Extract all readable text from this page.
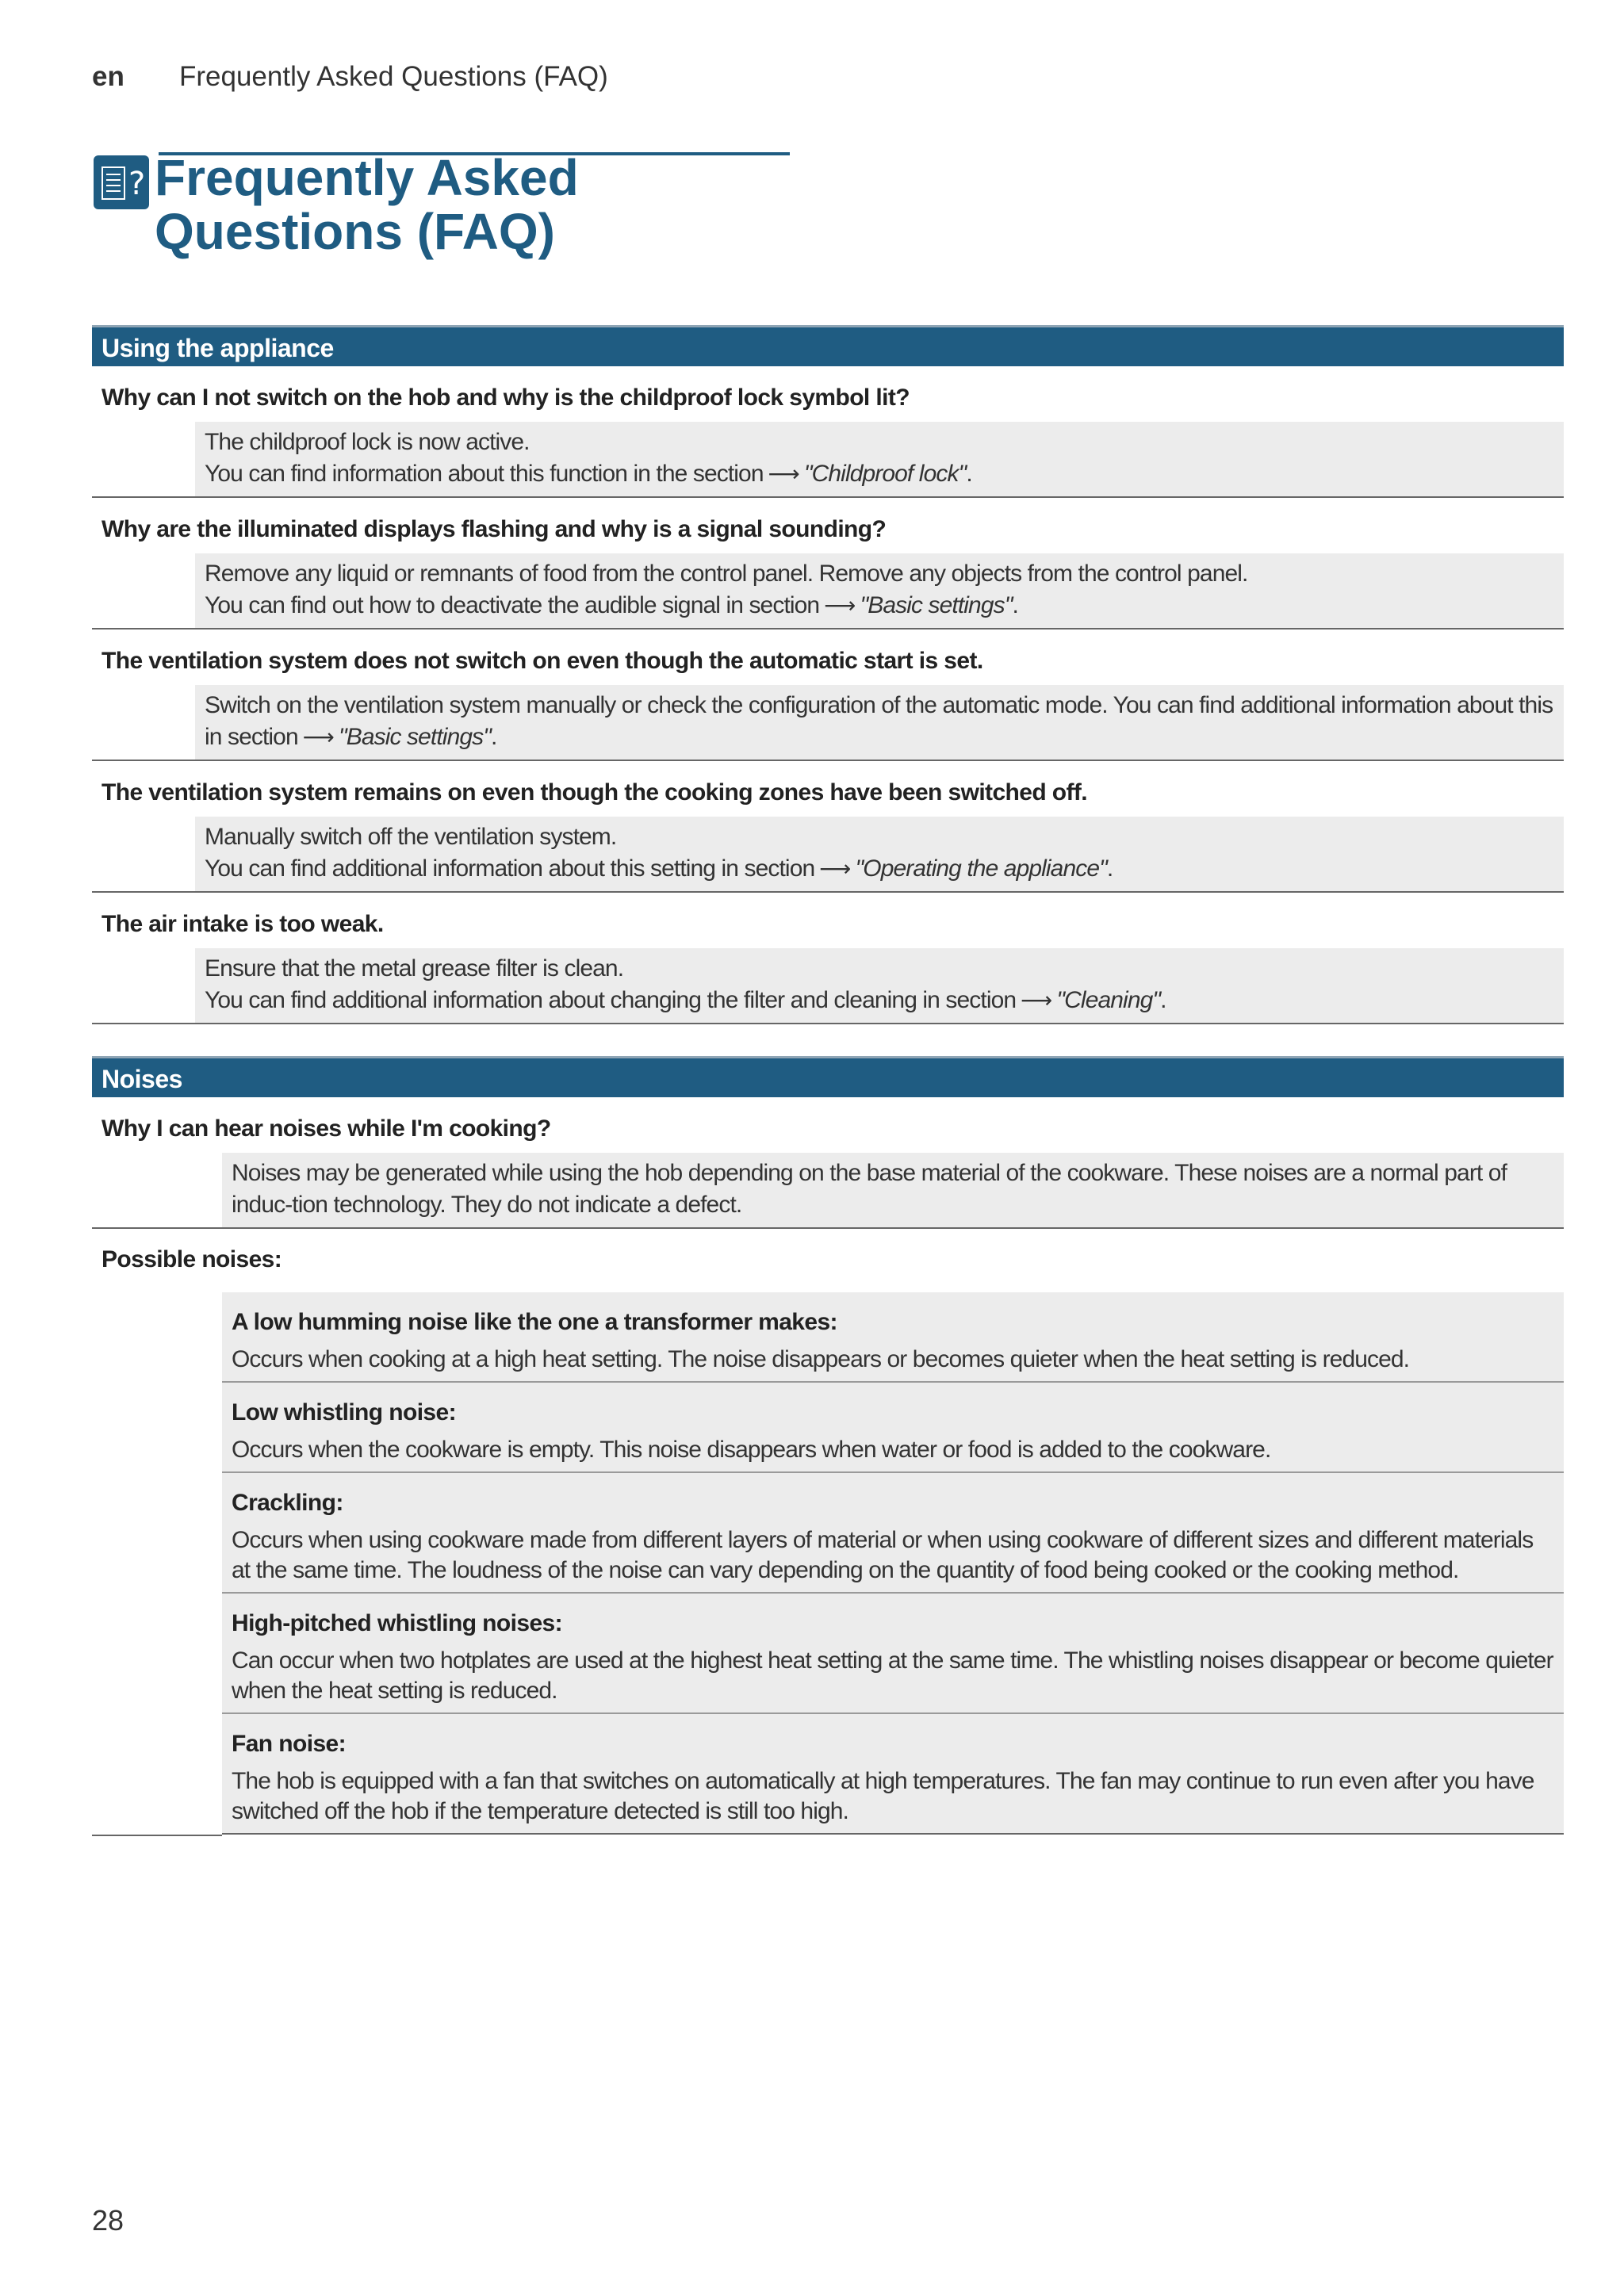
en	Frequently Asked Questions (FAQ)
? Frequently Asked Questions (FAQ)
Using the appliance
Why can I not switch on the hob and why is the childproof lock symbol lit?
The childproof lock is now active.
You can find information about this function in the section ⟶ "Childproof lock".
Why are the illuminated displays flashing and why is a signal sounding?
Remove any liquid or remnants of food from the control panel. Remove any objects from the control panel.
You can find out how to deactivate the audible signal in section ⟶ "Basic settings".
The ventilation system does not switch on even though the automatic start is set.
Switch on the ventilation system manually or check the configuration of the automatic mode. You can find additional information about this in section ⟶ "Basic settings".
The ventilation system remains on even though the cooking zones have been switched off.
Manually switch off the ventilation system.
You can find additional information about this setting in section ⟶ "Operating the appliance".
The air intake is too weak.
Ensure that the metal grease filter is clean.
You can find additional information about changing the filter and cleaning in section ⟶ "Cleaning".
Noises
Why I can hear noises while I'm cooking?
Noises may be generated while using the hob depending on the base material of the cookware. These noises are a normal part of induc-tion technology. They do not indicate a defect.
Possible noises:
A low humming noise like the one a transformer makes:
Occurs when cooking at a high heat setting. The noise disappears or becomes quieter when the heat setting is reduced.
Low whistling noise:
Occurs when the cookware is empty. This noise disappears when water or food is added to the cookware.
Crackling:
Occurs when using cookware made from different layers of material or when using cookware of different sizes and different materials at the same time. The loudness of the noise can vary depending on the quantity of food being cooked or the cooking method.
High-pitched whistling noises:
Can occur when two hotplates are used at the highest heat setting at the same time. The whistling noises disappear or become quieter when the heat setting is reduced.
Fan noise:
The hob is equipped with a fan that switches on automatically at high temperatures. The fan may continue to run even after you have switched off the hob if the temperature detected is still too high.
28
